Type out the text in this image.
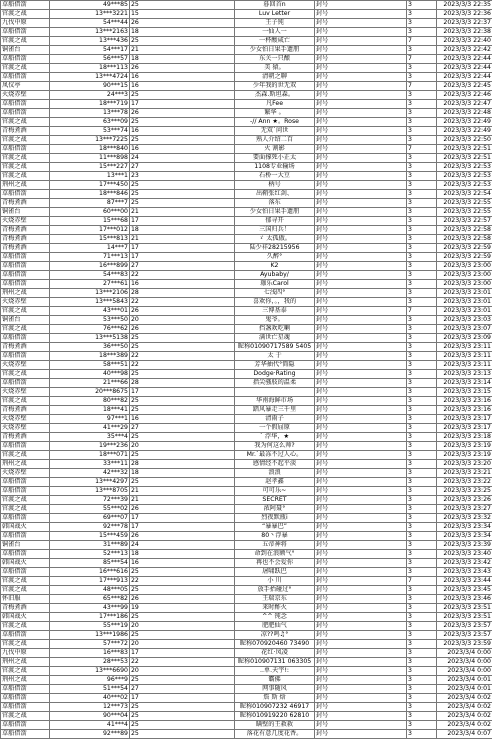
草船借箭	49***85	25	暮回首n	封号	3	2023/3/3 22:35
官渡之战	13***3221	15	Luv Letter	封号	3	2023/3/3 22:36
九伐中原	54***44	26	王子钝	封号	3	2023/3/3 22:37
草船借箭	13***2163	18	一仙人一	封号	3	2023/3/3 22:38
官渡之战	13***436	25	一杯酸咸亡	封号	7	2023/3/3 22:40
铜雀台	54***17	21	少女怕日果手遗朋	封号	3	2023/3/3 22:42
草船借箭	56***57	18	东关一只酿	封号	7	2023/3/3 22:44
官渡之战	18***113	26	美 猿。	封号	3	2023/3/3 22:44
草船借箭	13***4724	16	清朝之聊	封号	3	2023/3/3 22:44
凤仪亭	90***15	16	少年我的世无双	封号	7	2023/3/3 22:45
火烧赤壁	24***3	25	杰森.斯坦森。	封号	3	2023/3/3 22:46
草船借箭	18***719	17	凡Fee	封号	3	2023/3/3 22:47
草船借箭	13***78	26	繁华 。	封号	3	2023/3/3 22:48
官渡之战	63***09	25	-// Ann ★。Rose	封号	3	2023/3/3 22:49
青梅煮酒	53***74	16	无双`问世	封号	3	2023/3/3 22:49
官渡之战	13***7225	25	熟人介绍二百	封号	3	2023/3/3 22:50
草船借箭	18***840	16	火 割影	封号	7	2023/3/3 22:51
官渡之战	11***898	24	要面撑死小正太	封号	3	2023/3/3 22:51
官渡之战	15***227	27	1108专业输场	封号	3	2023/3/3 22:53
官渡之战	13***1	23	石桥一大豆	封号	3	2023/3/3 22:53
荆州之战	17***450	25	柄号	封号	3	2023/3/3 22:53
草船借箭	18***846	25	出鞘张红剑、	封号	3	2023/3/3 22:54
青梅煮酒	87***7	25	落东	封号	3	2023/3/3 22:55
铜雀台	60***00	21	少女怕日果手遗朋	封号	3	2023/3/3 22:55
火烧赤壁	15***68	17	郁寻开	封号	3	2023/3/3 22:57
青梅煮酒	17***012	18	三国归兵！	封号	3	2023/3/3 22:58
青梅煮酒	15***813	21	ゞ 太孤傲。	封号	3	2023/3/3 22:58
青梅煮酒	14***7	17	陆少祥28215956	封号	3	2023/3/3 22:59
草船借箭	71***13	17	久醉°	封号	3	2023/3/3 22:59
草船借箭	16***899	27	K2	封号	3	2023/3/3 23:00
草船借箭	54***83	22	Ayubaby/	封号	3	2023/3/3 23:00
草船借箭	27***61	16	珈乐Carol	封号	3	2023/3/3 23:00
荆州之战	13***2106	28	七浅四°	封号	3	2023/3/3 23:01
火烧赤壁	13***5843	22	喜欢你，。，我的	封号	3	2023/3/3 23:01
官渡之战	43***01	26	三博基泰	封号	7	2023/3/3 23:01
铜雀台	53***50	20	鬼爷。	封号	3	2023/3/3 23:03
官渡之战	76***62	26	挡盏欢吃喇	封号	3	2023/3/3 23:07
草船借箭	13***5138	25	满世亡星魂	封号	3	2023/3/3 23:09
青梅煮酒	36***50	25	昵称01090717589 5405	封号	3	2023/3/3 23:11
草船借箭	18***389	22	太 于	封号	3	2023/3/3 23:11
火烧赤壁	58***51	22	芳华抽代°简隐	封号	3	2023/3/3 23:11
官渡之战	40***98	25	Dodge·Rating	封号	3	2023/3/3 23:13
草船借箭	21***66	28	指尖骚肢的温柔	封号	3	2023/3/3 23:14
火烧赤壁	20***8675	17		封号	3	2023/3/3 23:15
官渡之战	80***82	25	华南海鲜市场	封号	3	2023/3/3 23:16
青梅煮酒	18***41	25	踏风暴走三千里	封号	3	2023/3/3 23:16
火烧赤壁	97***1	16	清雨子	封号	3	2023/3/3 23:17
火烧赤壁	41***29	27	一个假屈原	封号	3	2023/3/3 23:17
青梅煮酒	35***4	25	` 浮华，★	封号	3	2023/3/3 23:18
草船借箭	19***236	20	我为何这么帅?	封号	3	2023/3/3 23:19
官渡之战	18***071	25	Mr.`最冻不过人心。	封号	3	2023/3/3 23:19
荆州之战	33***11	28	感情经不起平淡	封号	3	2023/3/3 23:20
火烧赤壁	42***32	18	浪浪	封号	3	2023/3/3 23:21
草船借箭	13***4297	25	赵孝鑫	封号	3	2023/3/3 23:22
草船借箭	13***8705	21	可可乐~	封号	3	2023/3/3 23:25
官渡之战	72***39	21	SECRET	封号	3	2023/3/3 23:26
官渡之战	55***02	26	浓阿聂°	封号	3	2023/3/3 23:27
草船借箭	69***07	17	烈夜默瓶i	封号	3	2023/3/3 23:32
韩国战火	92***78	17	“暴暴巴”	封号	3	2023/3/3 23:34
草船借箭	15***459	26	80丶浮暴	封号	3	2023/3/3 23:34
铜雀台	31***89	24	五帝神将	封号	3	2023/3/3 23:39
草船借箭	52***13	18	命到在浪额气°	封号	3	2023/3/3 23:40
韩国战火	85***54	16	再也不会爱你	封号	3	2023/3/3 23:42
草船借箭	16***616	25	屠啸跃巴	封号	3	2023/3/3 23:43
官渡之战	17***913	22	小 川	封号	7	2023/3/3 23:44
官渡之战	48***05	25	放手抬碰过°	封号	3	2023/3/3 23:45
怀旧服	65***82	26	王瑞京东	封号	3	2023/3/3 23:46
青梅煮酒	43***99	19	来时酢火	封号	3	2023/3/3 23:51
韩国战火	17***186	25	^^ 钝念	封号	3	2023/3/3 23:51
官渡之战	55***19	20	肥肥仙气	封号	3	2023/3/3 23:57
草船借箭	13***1986	25	凉??鸣♫°	封号	3	2023/3/3 23:57
官渡之战	57***72	20	昵称070920460 73490	封号	3	2023/3/3 23:59
九伐中原	16***83	17	花红·凤凌	封号	3	2023/3/4 0:00
荆州之战	28***53	22	昵称010907131 063305	封号	3	2023/3/4 0:00
官渡之战	13***6690	20	..单.天宇!:	封号	3	2023/3/4 0:00
荆州之战	96***9	25	霸佛	封号	3	2023/3/4 0:01
草船借箭	51***54	27	网事随风	封号	3	2023/3/4 0:01
草船借箭	40***02	17	詹 斯 焓	封号	3	2023/3/4 0:02
草船借箭	12***73	25	昵称010907232 46917	封号	3	2023/3/4 0:02
官渡之战	90***04	25	昵称010919220 62810	封号	3	2023/3/4 0:02
草船借箭	41***4	25	瞒壁的王救救	封号	3	2023/3/4 0:02
草船借箭	92***89	25	落花有意几度花香。	封号	3	2023/3/4 0:07
